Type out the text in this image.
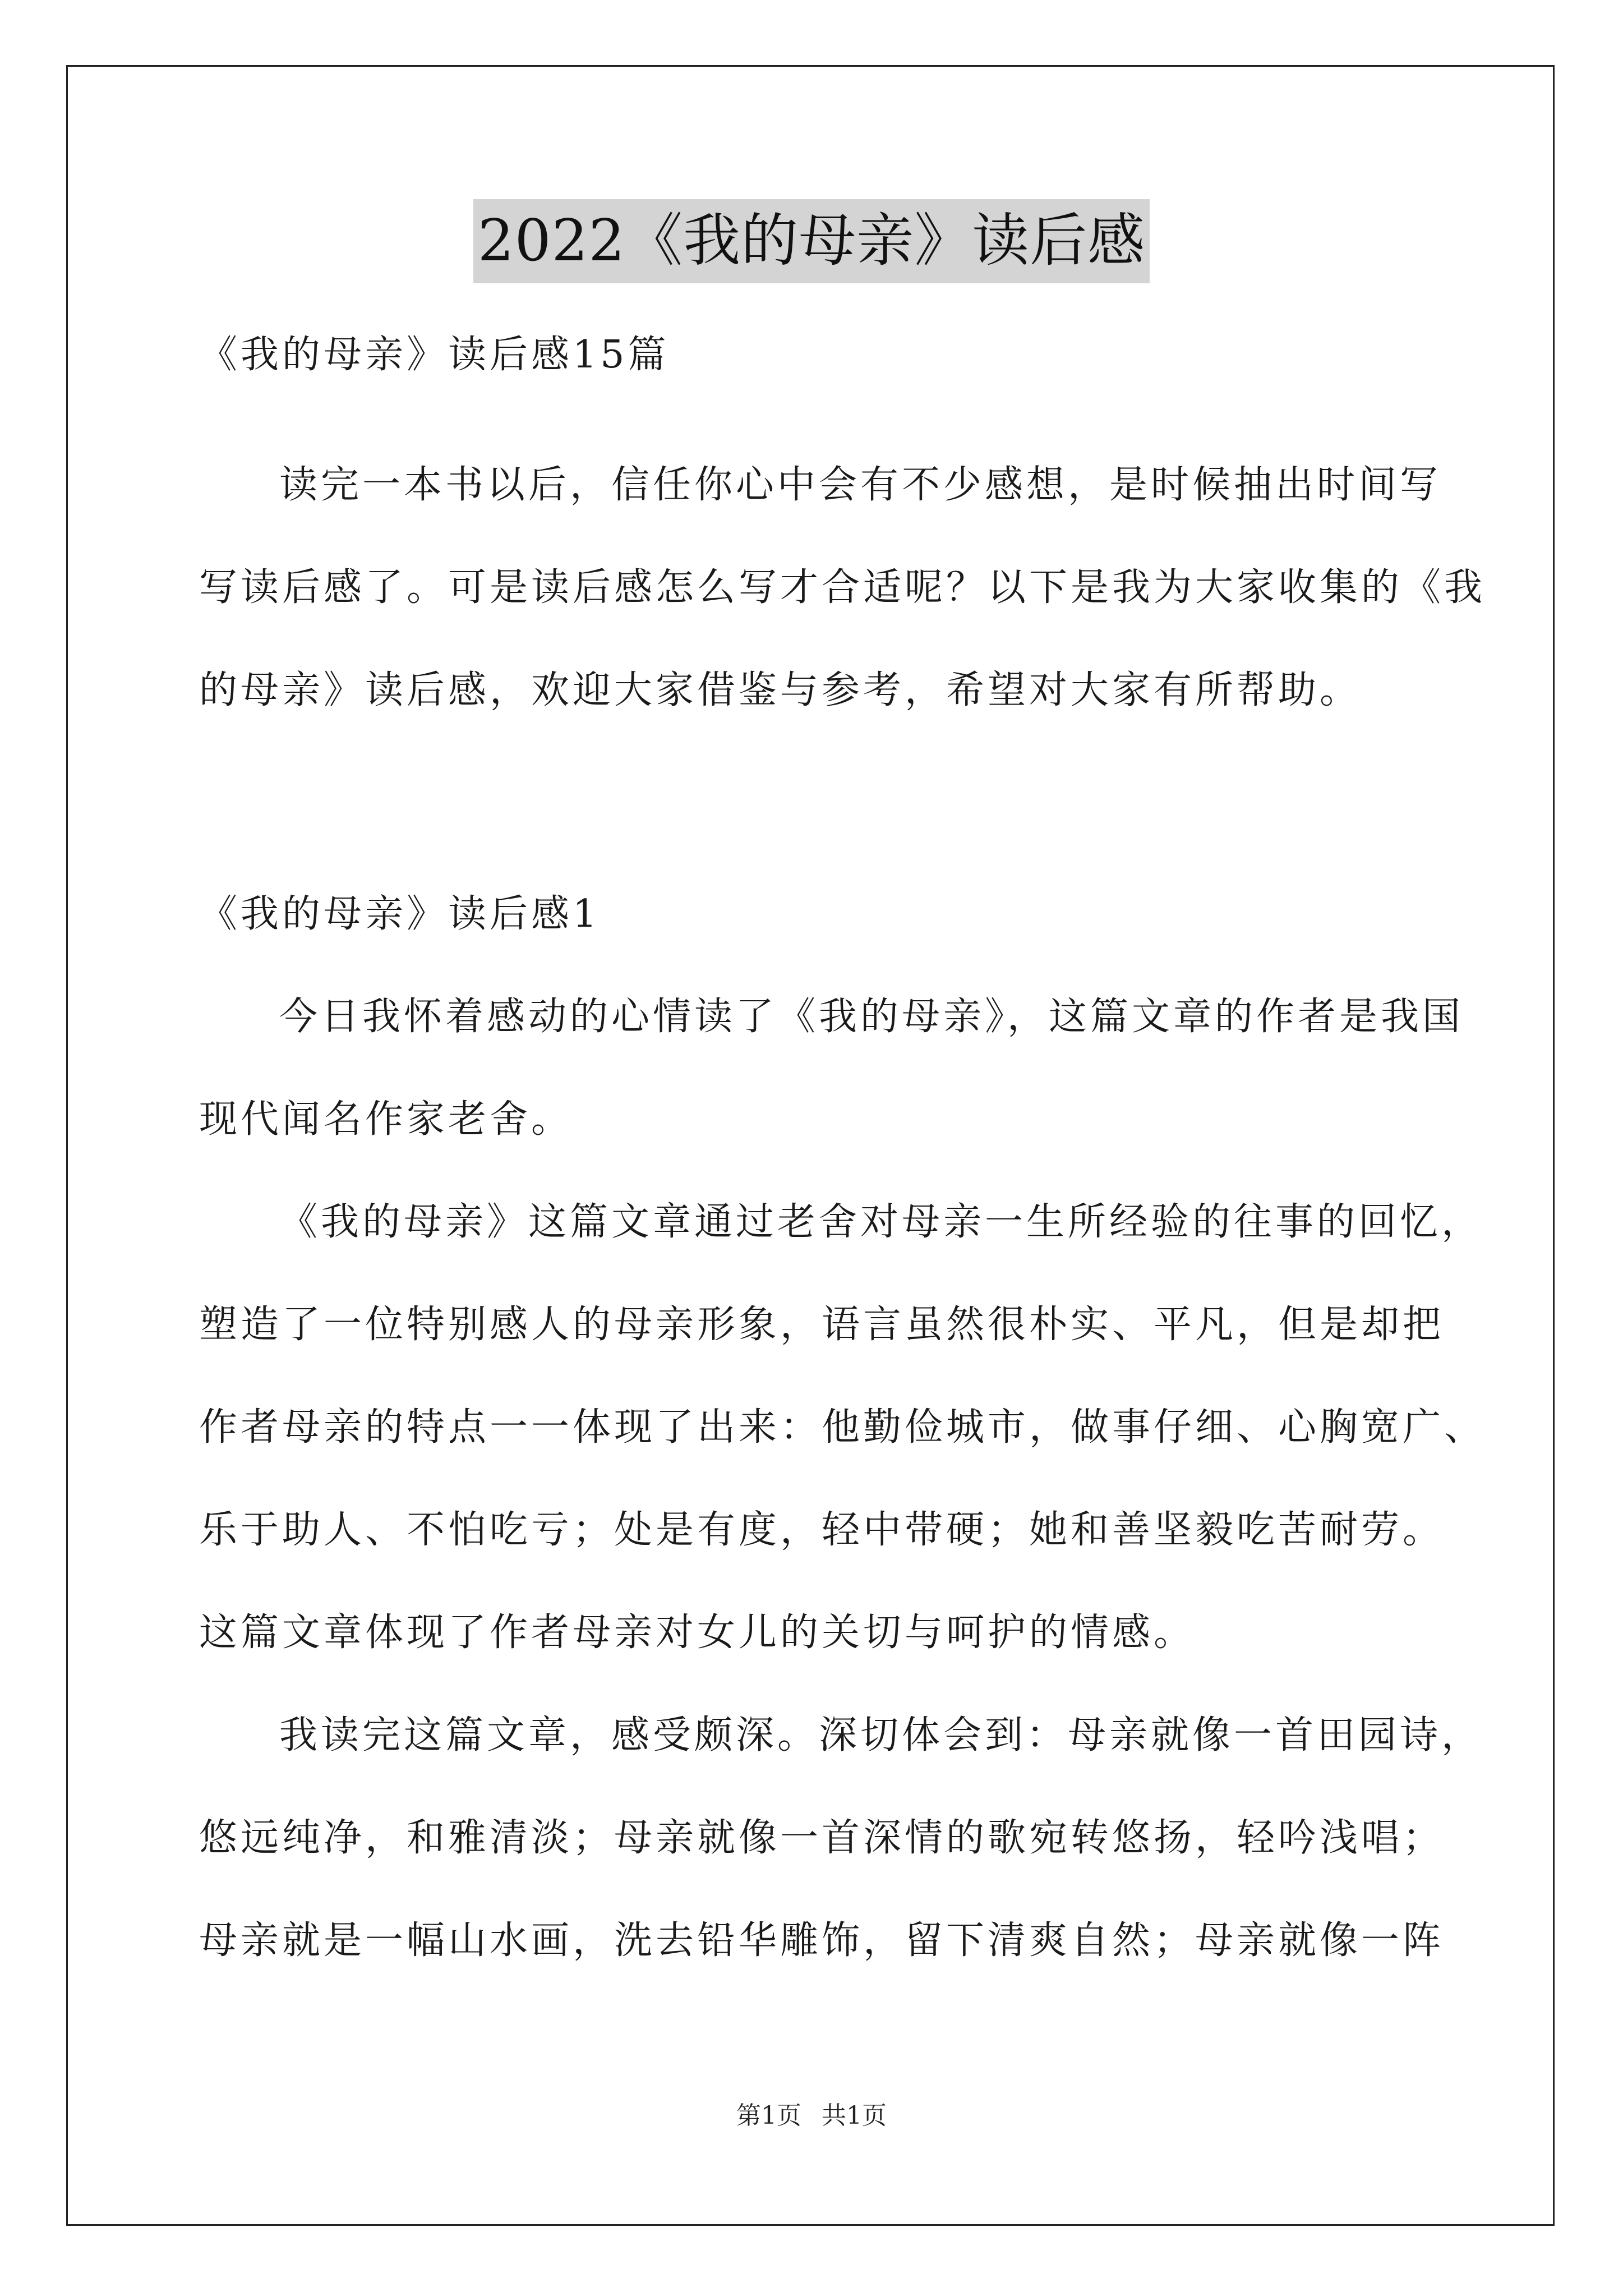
2022《我的母亲》读后感
《我的母亲》读后感15篇
读完一本书以后，信任你心中会有不少感想，是时候抽出时间写
写读后感了。可是读后感怎么写才合适呢？以下是我为大家收集的《我
的母亲》读后感，欢迎大家借鉴与参考，希望对大家有所帮助。
《我的母亲》读后感1
今日我怀着感动的心情读了《我的母亲》，这篇文章的作者是我国
现代闻名作家老舍。
《我的母亲》这篇文章通过老舍对母亲一生所经验的往事的回忆，
塑造了一位特别感人的母亲形象，语言虽然很朴实、平凡，但是却把
作者母亲的特点一一体现了出来：他勤俭城市，做事仔细、心胸宽广、
乐于助人、不怕吃亏；处是有度，轻中带硬；她和善坚毅吃苦耐劳。
这篇文章体现了作者母亲对女儿的关切与呵护的情感。
我读完这篇文章，感受颇深。深切体会到：母亲就像一首田园诗，
悠远纯净，和雅清淡；母亲就像一首深情的歌宛转悠扬，轻吟浅唱；
母亲就是一幅山水画，洗去铅华雕饰，留下清爽自然；母亲就像一阵
第1页 共1页
